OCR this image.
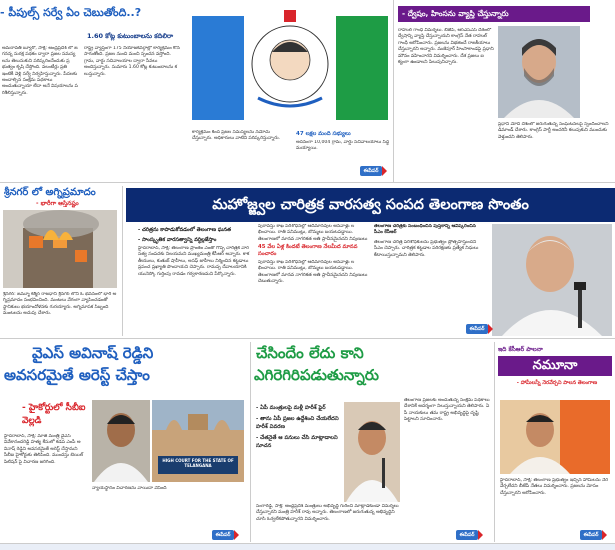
- పీపుల్స్ సర్వే ఏం చెబుతోంది..?
1.60 కోట్ల కుటుంబాలను కదిలిరా
అమరావతి బ్యూరో, సాక్షి: ఆంధ్రప్రదేశ్ లో జగనన్న సురక్ష పథకం ద్వారా ప్రజల సమస్యలను తెలుసుకుని పరిష్కరించేందుకు ప్రభుత్వం కృషి చేస్తోంది. వలంటీర్లు ప్రతి ఇంటికీ వెళ్లి సర్వే నిర్వహిస్తున్నారు. పేదలకు అందాల్సిన సంక్షేమ పథకాలు అందుతున్నాయా లేదా అనే విషయాలను పరిశీలిస్తున్నారు.
రాష్ట్ర వ్యాప్తంగా 175 నియోజకవర్గాల్లో కార్యక్రమం కొనసాగుతోంది. ప్రజల నుంచి మంచి స్పందన వస్తోంది. గ్రామ, వార్డు సచివాలయాల ద్వారా సేవలు అందిస్తున్నారు. సుమారు 1.60 కోట్ల కుటుంబాలను కలుస్తున్నారు.
కార్యక్రమం కింద ప్రజల సమస్యలను నమోదు చేస్తున్నారు. అధికారులు వాటిని పరిష్కరిస్తున్నారు.
47 లక్షల మంది సభ్యులు
అదనంగా 10,004 గ్రామ, వార్డు సచివాలయాలు సిద్ధమయ్యాయి.
ఈపేపర్
- ద్వేషం, హింసను వ్యాప్తి చేస్తున్నారు
రాహుల్ గాంధీ విమర్శలు. బీజేపీ, ఆర్ఎస్ఎస్ దేశంలో ద్వేషాన్ని వ్యాప్తి చేస్తున్నాయని కాంగ్రెస్ నేత రాహుల్ గాంధీ ఆరోపించారు. ప్రజలను విభజించే రాజకీయాలు చేస్తున్నారని అన్నారు. మణిపూర్ హింసాకాండపై ప్రధాని మౌనం వహించారని విమర్శించారు. దేశ ప్రజలు ఐక్యంగా ఉండాలని పిలుపునిచ్చారు.
ప్రధాని మోదీ దేశంలో జరుగుతున్న సంఘటనలపై స్పందించాలని డిమాండ్ చేశారు. కాంగ్రెస్ పార్టీ అందరినీ కలుపుకుని ముందుకు వెళ్తుందని తెలిపారు.
శ్రీనగర్ లో అగ్నిప్రమాదం
- భారీగా ఆస్తినష్టం
శ్రీనగర్: జమ్మూ కశ్మీర్ రాజధాని శ్రీనగర్ లోని ఓ భవనంలో భారీ అగ్నిప్రమాదం సంభవించింది. మంటలు వేగంగా వ్యాపించడంతో స్థానికులు భయాందోళనకు గురయ్యారు. అగ్నిమాపక సిబ్బంది మంటలను అదుపు చేశారు.
మహోజ్జ్వల చారిత్రక వారసత్వ సంపద తెలంగాణ సొంతం
- చరిత్రను కాపాడుకోవడంలో తెలంగాణ ఘనత
- సాంస్కృతిక వారసత్వాన్ని వర్ధిల్లజేస్తాం
హైదరాబాద్, సాక్షి: తెలంగాణ ప్రాంతం ఎంతో గొప్ప చారిత్రక వారసత్వ సంపదకు నిలయమని ముఖ్యమంత్రి కేసీఆర్ అన్నారు. కాకతీయులు, కుతుబ్ షాహీలు, అసఫ్ జాహీలు నిర్మించిన కట్టడాలు ప్రపంచ ప్రఖ్యాతి పొందాయని చెప్పారు. రామప్ప దేవాలయానికి యునెస్కో గుర్తింపు రావడం గర్వకారణమని పేర్కొన్నారు.
పురావస్తు శాఖ పరిశోధనల్లో ఆదిమానవుల ఆనవాళ్లు లభించాయి. రాతి పనిముట్లు, బొమ్మలు బయటపడ్డాయి. తెలంగాణలో మానవ నాగరికత అతి ప్రాచీనమైనదని నిపుణులు
45 వేల ఏళ్ల కిందటే తెలంగాణ నేలమీద మానవ సంచారం
పురావస్తు శాఖ పరిశోధనల్లో ఆదిమానవుల ఆనవాళ్లు లభించాయి. రాతి పనిముట్లు, బొమ్మలు బయటపడ్డాయి. తెలంగాణలో మానవ నాగరికత అతి ప్రాచీనమైనదని నిపుణులు చెబుతున్నారు.
తెలంగాణ చరిత్రకు సంబంధించిన పుస్తకాన్ని ఆవిష్కరించిన సీఎం కేసీఆర్
తెలంగాణ చరిత్ర పరిశోధకులను ప్రభుత్వం ప్రోత్సహిస్తుందని సీఎం చెప్పారు. చారిత్రక కట్టడాల పరిరక్షణకు ప్రత్యేక నిధులు కేటాయిస్తున్నామని తెలిపారు.
ఈపేపర్
వైఎస్ అవినాష్ రెడ్డిని
అవసరమైతే అరెస్ట్ చేస్తాం
- హైకోర్టులో సీబీఐ వెల్లడి
హైదరాబాద్, సాక్షి: మాజీ మంత్రి వైఎస్ వివేకానందరెడ్డి హత్య కేసులో కడప ఎంపీ అవినాష్ రెడ్డిని అవసరమైతే అరెస్ట్ చేస్తామని సీబీఐ హైకోర్టుకు తెలిపింది. ముందస్తు బెయిల్ పిటిషన్ పై విచారణ జరిగింది.	HIGH COURT FOR THE STATE OF TELANGANA
న్యాయస్థానం విచారణను వాయిదా వేసింది
ఈపేపర్
చేసిందేం లేదు కాని
ఎగిరెగిరిపడుతున్నారు
- ఏపీ మంత్రులపై మళ్లీ హరీశ్ ఫైర్
- తాను ఏపీ ప్రజల ఉద్దేశించి చేయలేదని హరీశ్ వివరణ
- చేతనైతే ఆ పనులు చేసి మాట్లాడాలని సూచన
సంగారెడ్డి, సాక్షి: ఆంధ్రప్రదేశ్ మంత్రులు అభివృద్ధి గురించి మాట్లాడకుండా విమర్శలు చేస్తున్నారని మంత్రి హరీశ్ రావు అన్నారు. తెలంగాణలో జరుగుతున్న అభివృద్ధిని చూసి ఓర్వలేకపోతున్నారని విమర్శించారు.
తెలంగాణ ప్రజలకు అందుతున్న సంక్షేమ పథకాలు దేశానికే ఆదర్శంగా నిలుస్తున్నాయని తెలిపారు. ఏపీ నాయకులు తమ రాష్ట్ర అభివృద్ధిపై దృష్టి పెట్టాలని సూచించారు.
ఈపేపర్
ఇది కేసీఆర్ పాలనా
నమూనా
- హామీలన్నీ నెరవేర్చని పాలన తెలంగాణ
హైదరాబాద్, సాక్షి: తెలంగాణ ప్రభుత్వం ఇచ్చిన హామీలను నెరవేర్చలేదని బీజేపీ నేతలు విమర్శించారు. ప్రజలను మోసం చేస్తున్నారని ఆరోపించారు.
ఈపేపర్
